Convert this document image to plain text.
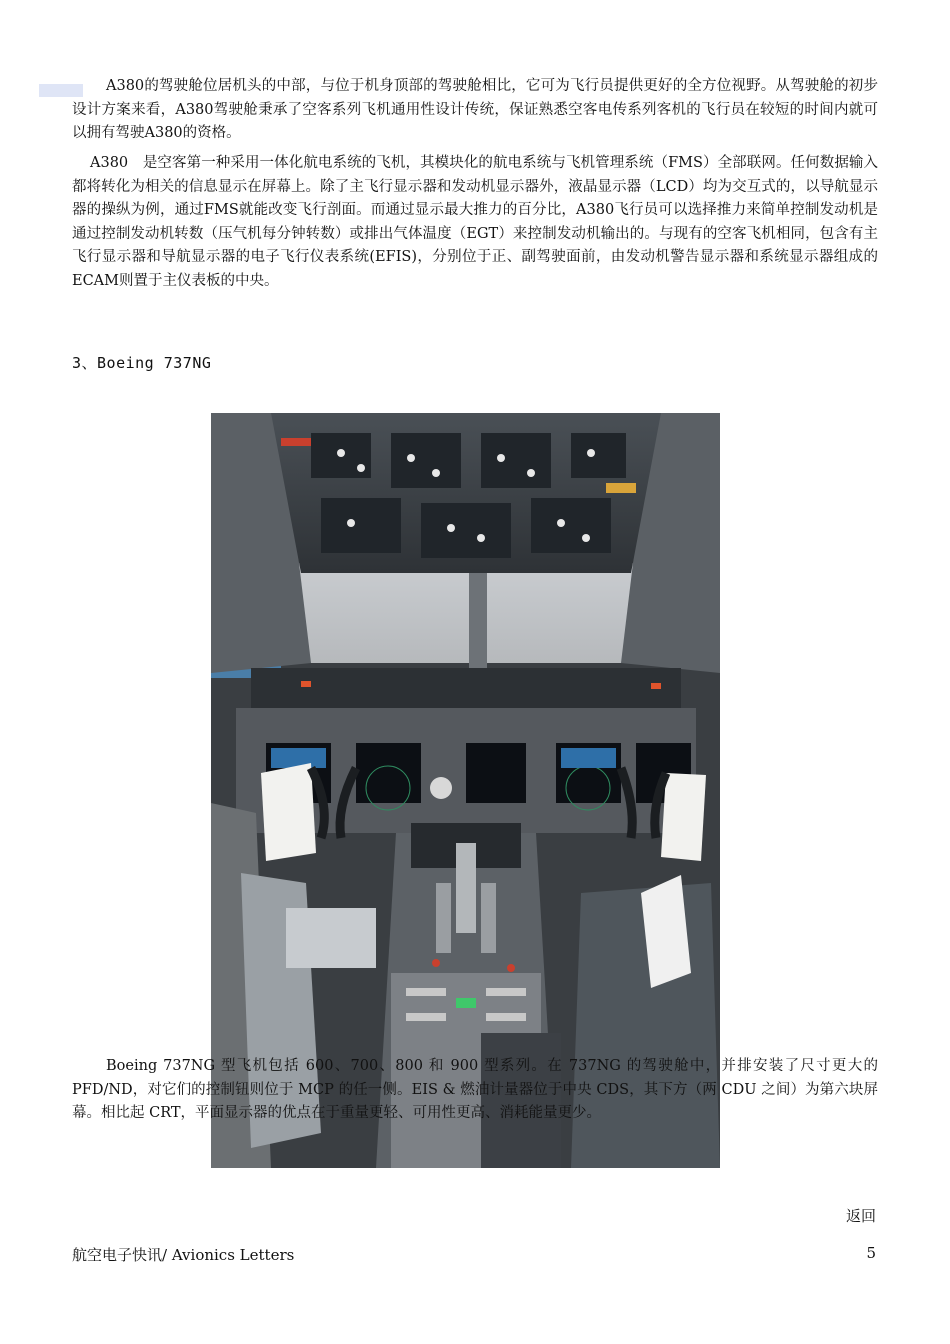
A380的驾驶舱位居机头的中部，与位于机身顶部的驾驶舱相比，它可为飞行员提供更好的全方位视野。从驾驶舱的初步设计方案来看，A380驾驶舱秉承了空客系列飞机通用性设计传统，保证熟悉空客电传系列客机的飞行员在较短的时间内就可以拥有驾驶A380的资格。

A380　是空客第一种采用一体化航电系统的飞机，其模块化的航电系统与飞机管理系统（FMS）全部联网。任何数据输入都将转化为相关的信息显示在屏幕上。除了主飞行显示器和发动机显示器外，液晶显示器（LCD）均为交互式的，以导航显示器的操纵为例，通过FMS就能改变飞行剖面。而通过显示最大推力的百分比，A380飞行员可以选择推力来简单控制发动机是通过控制发动机转数（压气机每分钟转数）或排出气体温度（EGT）来控制发动机输出的。与现有的空客飞机相同，包含有主飞行显示器和导航显示器的电子飞行仪表系统(EFIS)，分别位于正、副驾驶面前，由发动机警告显示器和系统显示器组成的ECAM则置于主仪表板的中央。

3、Boeing 737NG

Boeing 737NG 型飞机包括 600、700、800 和 900 型系列。在 737NG 的驾驶舱中，并排安装了尺寸更大的PFD/ND，对它们的控制钮则位于 MCP 的任一侧。EIS & 燃油计量器位于中央 CDS，其下方（两 CDU 之间）为第六块屏幕。相比起 CRT，平面显示器的优点在于重量更轻、可用性更高、消耗能量更少。

返回
航空电子快讯/ Avionics Letters	5
